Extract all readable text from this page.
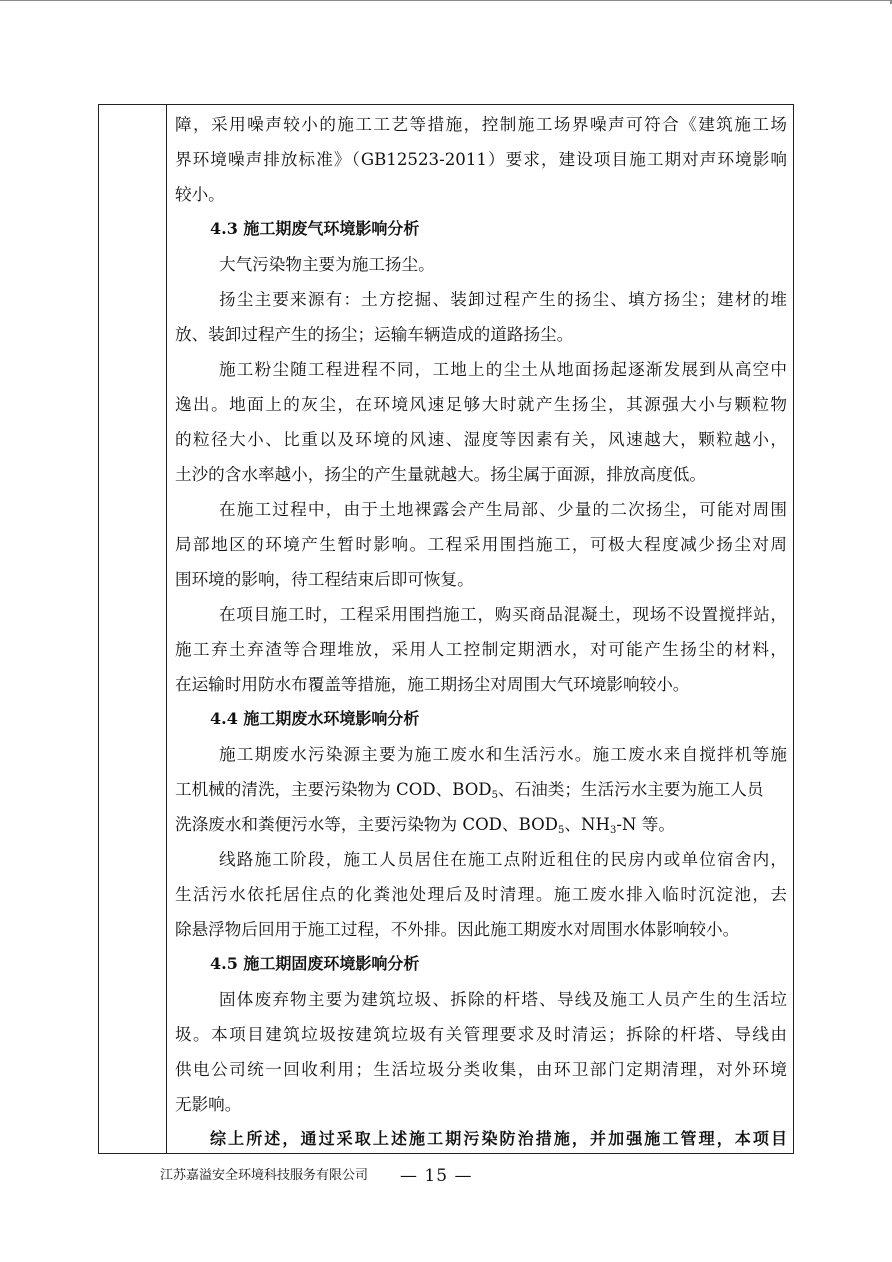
障，采用噪声较小的施工工艺等措施，控制施工场界噪声可符合《建筑施工场
界环境噪声排放标准》（GB12523-2011）要求，建设项目施工期对声环境影响
较小。
4.3 施工期废气环境影响分析
大气污染物主要为施工扬尘。
扬尘主要来源有：土方挖掘、装卸过程产生的扬尘、填方扬尘；建材的堆
放、装卸过程产生的扬尘；运输车辆造成的道路扬尘。
施工粉尘随工程进程不同，工地上的尘土从地面扬起逐渐发展到从高空中
逸出。地面上的灰尘，在环境风速足够大时就产生扬尘，其源强大小与颗粒物
的粒径大小、比重以及环境的风速、湿度等因素有关，风速越大，颗粒越小，
土沙的含水率越小，扬尘的产生量就越大。扬尘属于面源，排放高度低。
在施工过程中，由于土地裸露会产生局部、少量的二次扬尘，可能对周围
局部地区的环境产生暂时影响。工程采用围挡施工，可极大程度减少扬尘对周
围环境的影响，待工程结束后即可恢复。
在项目施工时，工程采用围挡施工，购买商品混凝土，现场不设置搅拌站，
施工弃土弃渣等合理堆放，采用人工控制定期洒水，对可能产生扬尘的材料，
在运输时用防水布覆盖等措施，施工期扬尘对周围大气环境影响较小。
4.4 施工期废水环境影响分析
施工期废水污染源主要为施工废水和生活污水。施工废水来自搅拌机等施
工机械的清洗，主要污染物为 COD、$BOD_5$、石油类；生活污水主要为施工人员
洗涤废水和粪便污水等，主要污染物为 COD、$BOD_5$、$NH_3-N$ 等。
线路施工阶段，施工人员居住在施工点附近租住的民房内或单位宿舍内，
生活污水依托居住点的化粪池处理后及时清理。施工废水排入临时沉淀池，去
除悬浮物后回用于施工过程，不外排。因此施工期废水对周围水体影响较小。
4.5 施工期固废环境影响分析
固体废弃物主要为建筑垃圾、拆除的杆塔、导线及施工人员产生的生活垃
圾。本项目建筑垃圾按建筑垃圾有关管理要求及时清运；拆除的杆塔、导线由
供电公司统一回收利用；生活垃圾分类收集，由环卫部门定期清理，对外环境
无影响。
综上所述，通过采取上述施工期污染防治措施，并加强施工管理，本项目
江苏嘉溢安全环境科技服务有限公司 — 15 —
